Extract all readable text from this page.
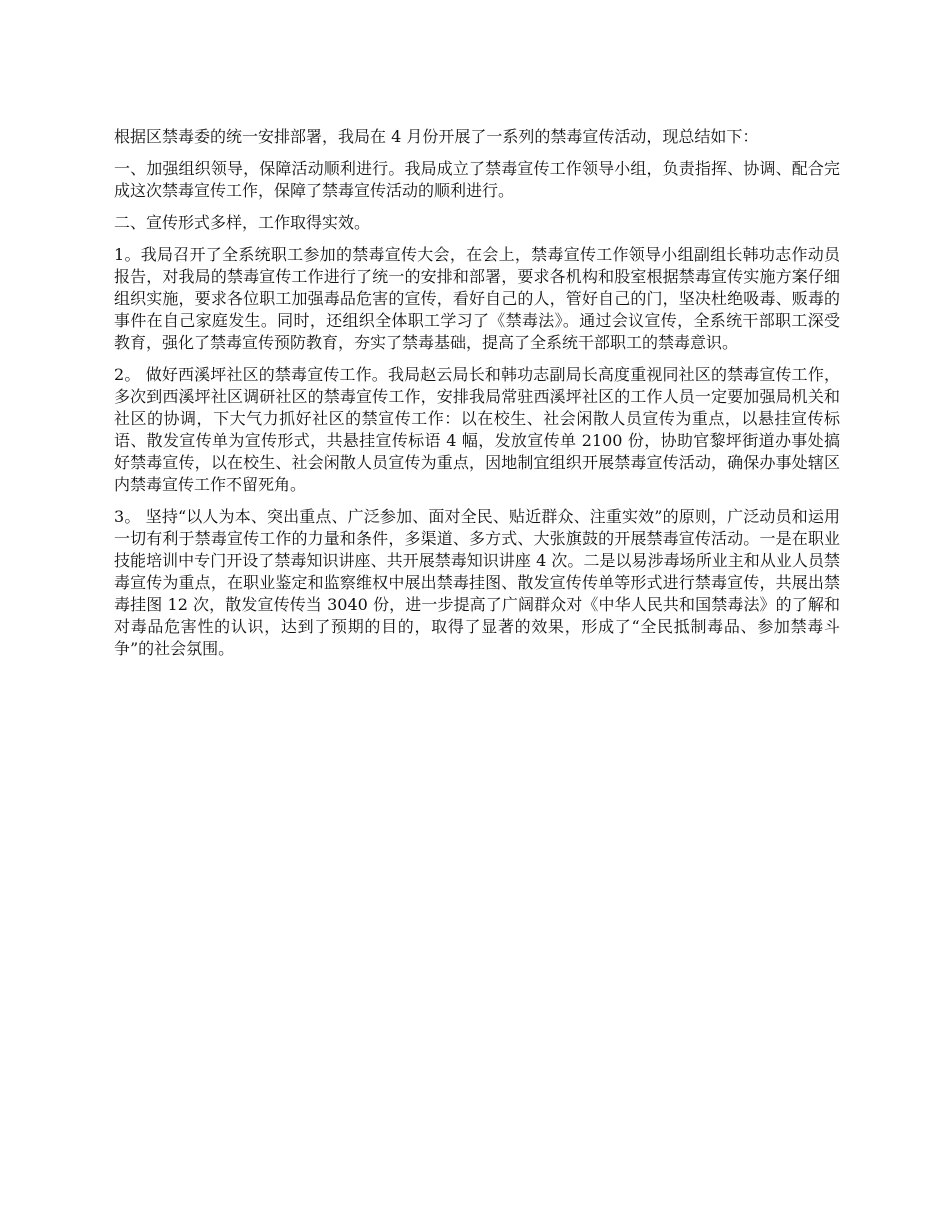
根据区禁毒委的统一安排部署，我局在 4 月份开展了一系列的禁毒宣传活动，现总结如下：

一、加强组织领导，保障活动顺利进行。我局成立了禁毒宣传工作领导小组，负责指挥、协调、配合完成这次禁毒宣传工作，保障了禁毒宣传活动的顺利进行。

二、宣传形式多样，工作取得实效。

1。我局召开了全系统职工参加的禁毒宣传大会，在会上，禁毒宣传工作领导小组副组长韩功志作动员报告，对我局的禁毒宣传工作进行了统一的安排和部署，要求各机构和股室根据禁毒宣传实施方案仔细组织实施，要求各位职工加强毒品危害的宣传，看好自己的人，管好自己的门，坚决杜绝吸毒、贩毒的事件在自己家庭发生。同时，还组织全体职工学习了《禁毒法》。通过会议宣传，全系统干部职工深受教育，强化了禁毒宣传预防教育，夯实了禁毒基础，提高了全系统干部职工的禁毒意识。

2。 做好西溪坪社区的禁毒宣传工作。我局赵云局长和韩功志副局长高度重视同社区的禁毒宣传工作，多次到西溪坪社区调研社区的禁毒宣传工作，安排我局常驻西溪坪社区的工作人员一定要加强局机关和社区的协调，下大气力抓好社区的禁宣传工作：以在校生、社会闲散人员宣传为重点，以悬挂宣传标语、散发宣传单为宣传形式，共悬挂宣传标语 4 幅，发放宣传单 2100 份，协助官黎坪街道办事处搞好禁毒宣传，以在校生、社会闲散人员宣传为重点，因地制宜组织开展禁毒宣传活动，确保办事处辖区内禁毒宣传工作不留死角。

3。 坚持“以人为本、突出重点、广泛参加、面对全民、贴近群众、注重实效”的原则，广泛动员和运用一切有利于禁毒宣传工作的力量和条件，多渠道、多方式、大张旗鼓的开展禁毒宣传活动。一是在职业技能培训中专门开设了禁毒知识讲座、共开展禁毒知识讲座 4 次。二是以易涉毒场所业主和从业人员禁毒宣传为重点，在职业鉴定和监察维权中展出禁毒挂图、散发宣传传单等形式进行禁毒宣传，共展出禁毒挂图 12 次，散发宣传传当 3040 份，进一步提高了广阔群众对《中华人民共和国禁毒法》的了解和对毒品危害性的认识，达到了预期的目的，取得了显著的效果，形成了“全民抵制毒品、参加禁毒斗争”的社会氛围。
